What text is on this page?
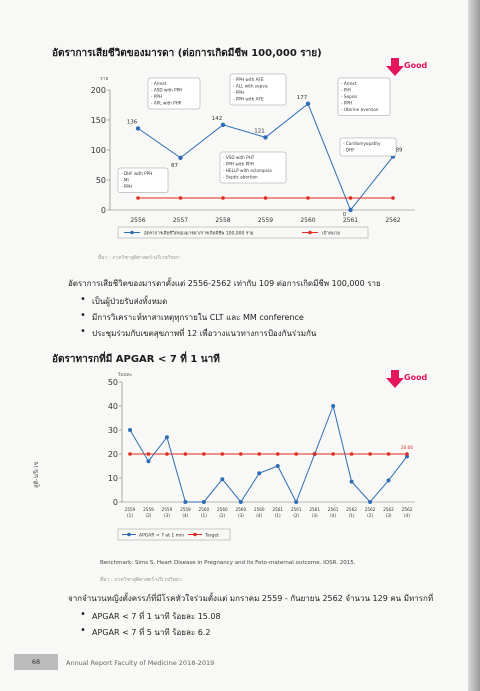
อัตราการเสียชีวิตของมารดา (ต่อการเกิดมีชีพ 100,000 ราย)
Good
ราย
0
50
100
150
200
2556	2557	2558	2559	2560	2561	2562
136
87
142
121
177
0
89
- Arrest
- ASD with PPH
- PPH
- APL with PHP
- DHF with PPH
- MI
- PPH
- PPH with AFE
- ALL with sepsis
- PPH
- PPH with AFE
- VSD with PHT
- PPH with PPH
- HELLP with eclampsia
- Septic abortion
- Arrest
- PIH
- Sepsis
- PPH
- Uterine eversion
- Cardiomyopathy
- DHF
อัตราการเสียชีวิตของมารดา/การเกิดมีชีพ 100,000 ราย	เป้าหมาย
ที่มา : ภาควิชาสูติศาสตร์-นรีเวชวิทยา
อัตราการเสียชีวิตของมารดาตั้งแต่ 2556-2562 เท่ากับ 109 ต่อการเกิดมีชีพ 100,000 ราย
• เป็นผู้ป่วยรับส่งทั้งหมด
• มีการวิเคราะห์หาสาเหตุทุกรายใน CLT และ MM conference
• ประชุมร่วมกับเขตสุขภาพที่ 12 เพื่อวางแนวทางการป้องกันร่วมกัน
อัตราทารกที่มี APGAR < 7 ที่ 1 นาที
Good
ร้อยละ
0
10
20
30
40
50
2559
(1)
2559
(2)
2559
(3)
2559
(4)
2560
(1)
2560
(2)
2560
(3)
2560
(4)
2561
(1)
2561
(2)
2561
(3)
2561
(4)
2562
(1)
2562
(2)
2562
(3)
2562
(4)
20.00
APGAR < 7 at 1 min	Target
Benchmark: Sims S. Heart Disease in Pregnancy and its Feto-maternal outcome. IOSR. 2015.
ที่มา : ภาควิชาสูติศาสตร์-นรีเวชวิทยา
จากจำนวนหญิงตั้งครรภ์ที่มีโรคหัวใจร่วมตั้งแต่ มกราคม 2559 - กันยายน 2562 จำนวน 129 คน มีทารกที่
• APGAR < 7 ที่ 1 นาที ร้อยละ 15.08
• APGAR < 7 ที่ 5 นาที ร้อยละ 6.2
สูติ-นรีเวช
68	Annual Report Faculty of Medicine 2018-2019
